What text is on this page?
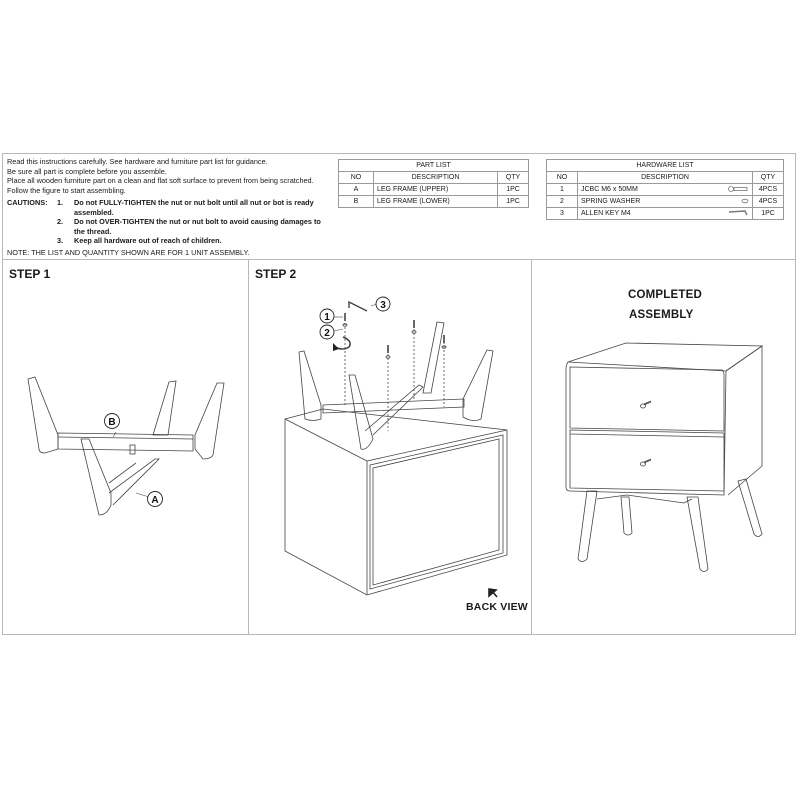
Read this instructions carefully. See hardware and furniture part list for guidance.

Be sure all part is complete before you assemble.

Place all wooden furniture part on a clean and flat soft surface to prevent from being scratched.

Follow the figure to start assembling.

CAUTIONS: 1. Do not FULLY-TIGHTEN the nut or nut bolt until all nut or bot is ready assembled.
2. Do not OVER-TIGHTEN the nut or nut bolt to avoid causing damages to the thread.
3. Keep all hardware out of reach of children.
NOTE: THE LIST AND QUANTITY SHOWN ARE FOR 1 UNIT ASSEMBLY.
PART LIST		
NO	DESCRIPTION	QTY
A	LEG FRAME (UPPER)	1PC
B	LEG FRAME (LOWER)	1PC
HARDWARE LIST			
NO	DESCRIPTION		QTY
1	JCBC M6 x 50MM		4PCS
2	SPRING WASHER		4PCS
3	ALLEN KEY M4		1PC
STEP 1
B
A
STEP 2
1
2
3
BACK VIEW
COMPLETED
ASSEMBLY
